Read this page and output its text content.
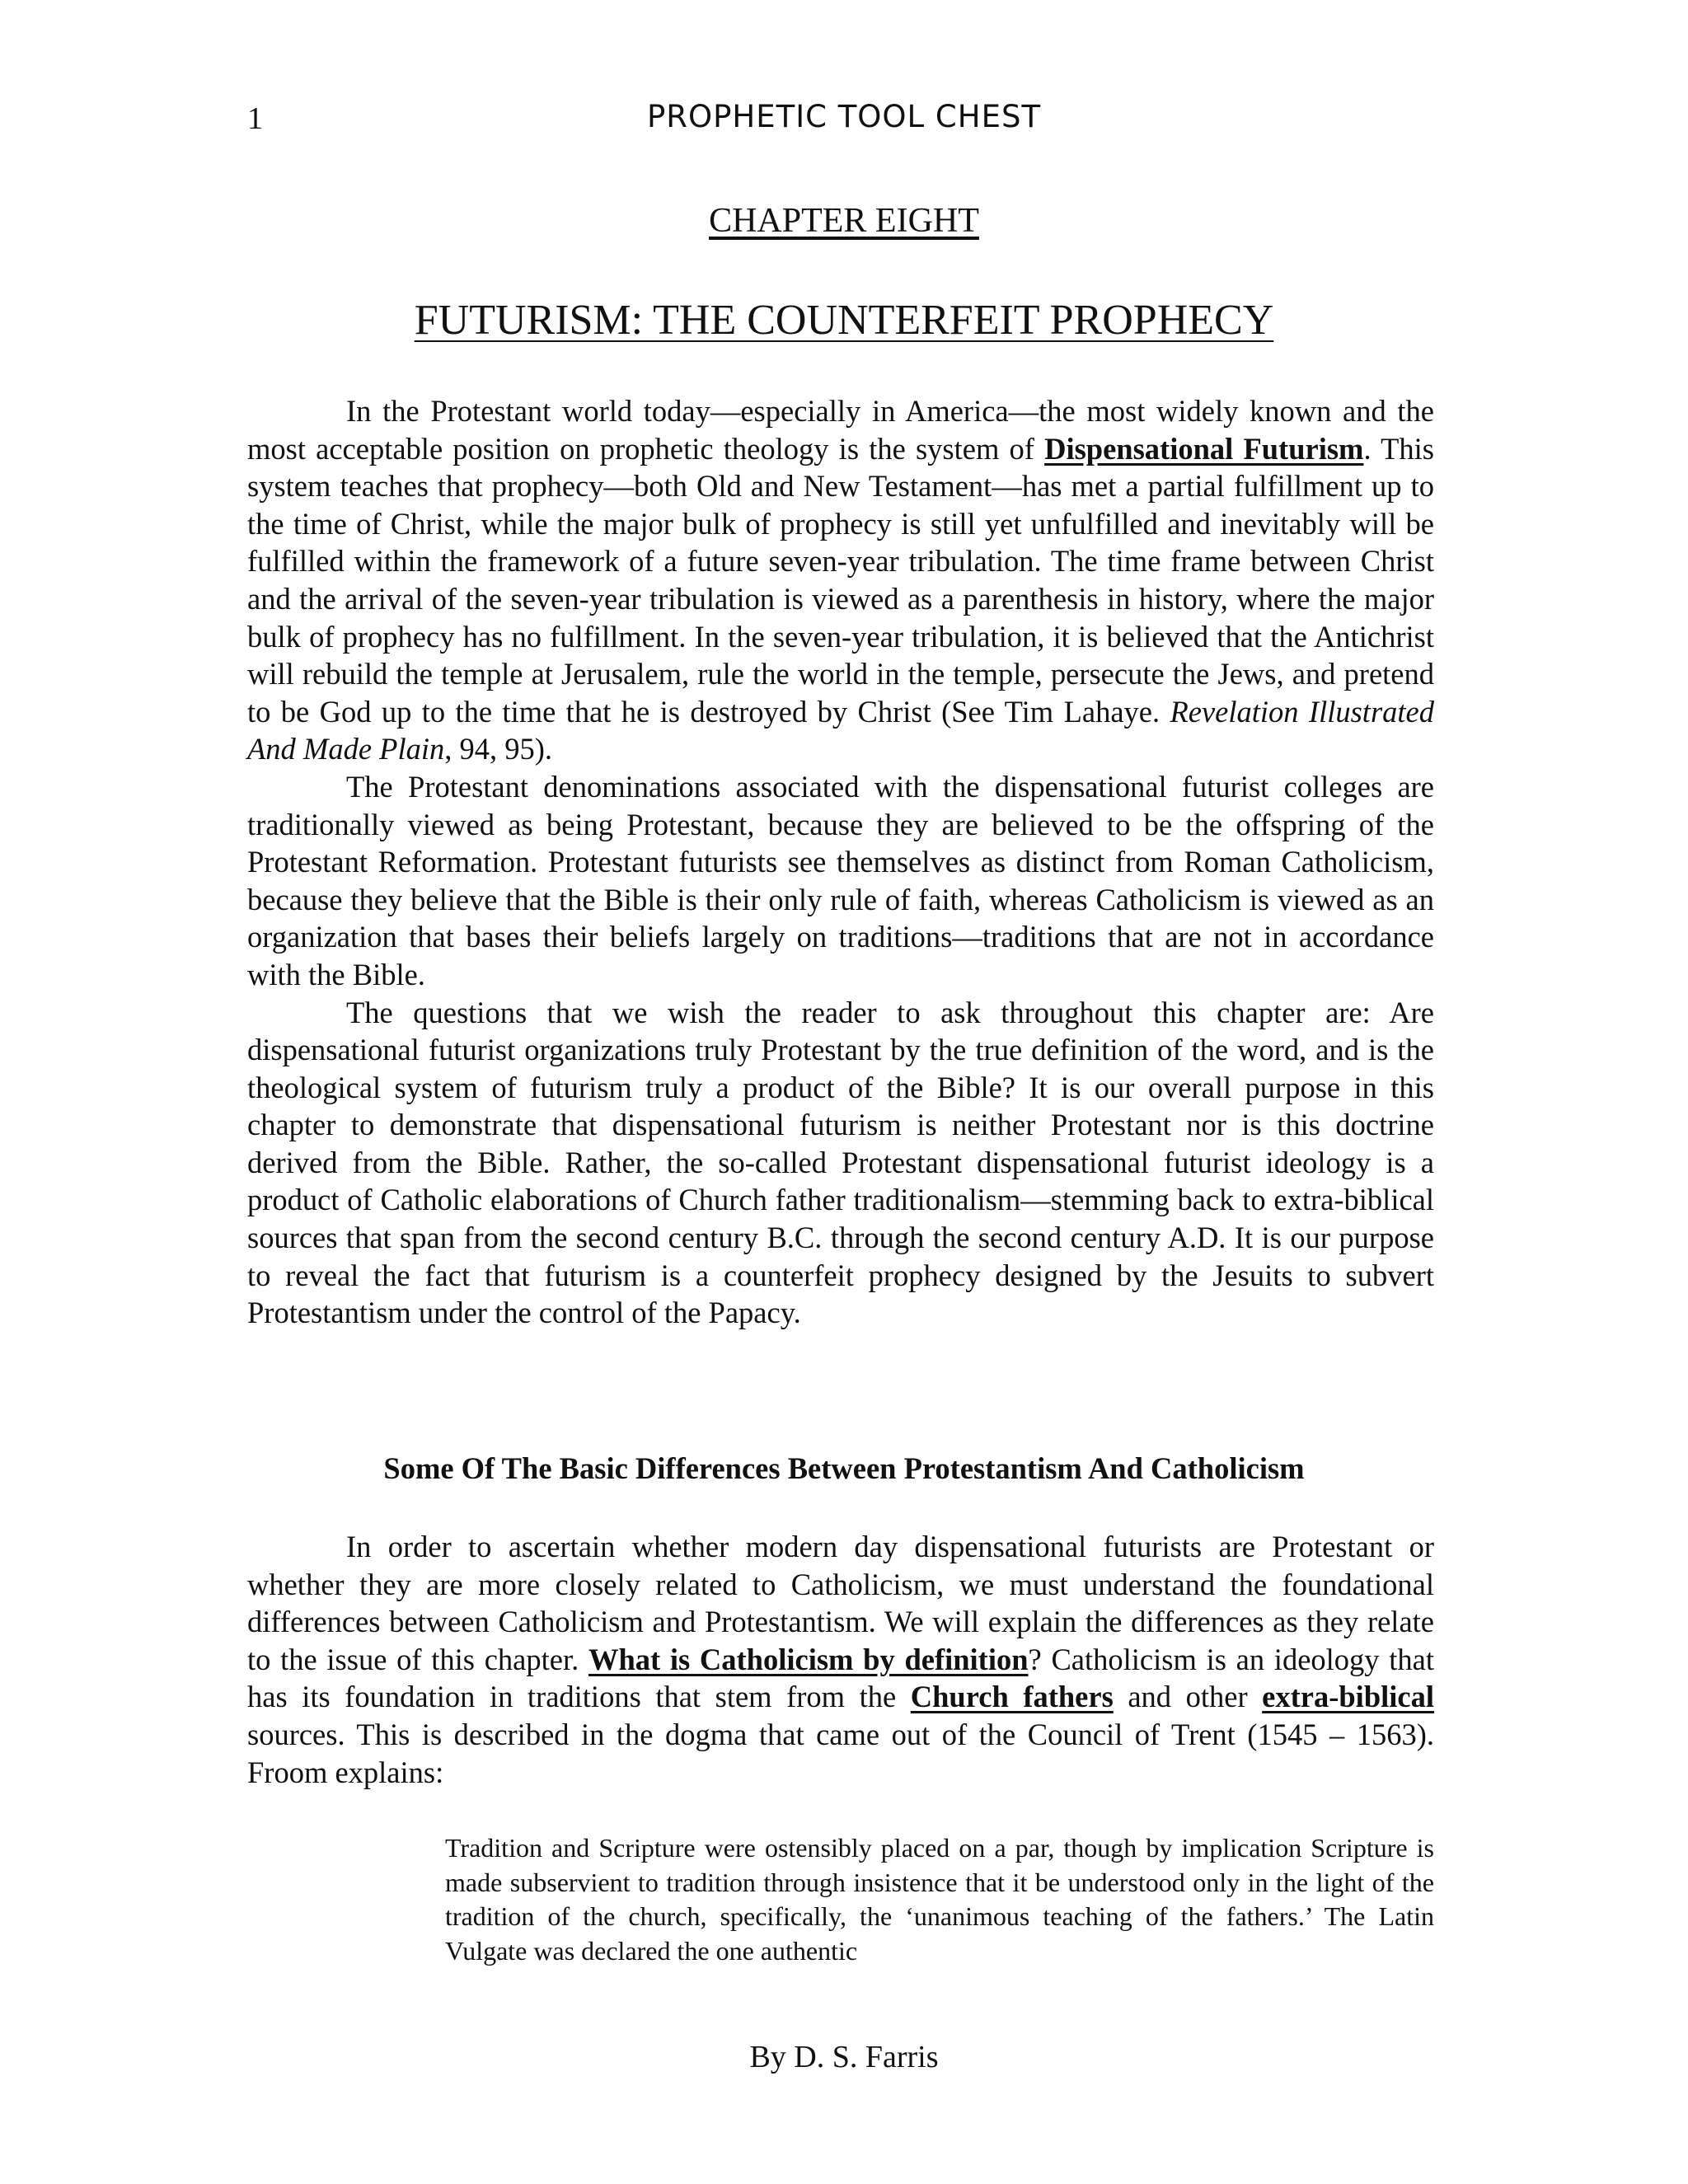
1	PROPHETIC TOOL CHEST
CHAPTER EIGHT
FUTURISM: THE COUNTERFEIT PROPHECY

In the Protestant world today—especially in America—the most widely known and the most acceptable position on prophetic theology is the system of Dispensational Futurism. This system teaches that prophecy—both Old and New Testament—has met a partial fulfillment up to the time of Christ, while the major bulk of prophecy is still yet unfulfilled and inevitably will be fulfilled within the framework of a future seven-year tribulation. The time frame between Christ and the arrival of the seven-year tribulation is viewed as a parenthesis in history, where the major bulk of prophecy has no fulfillment. In the seven-year tribulation, it is believed that the Antichrist will rebuild the temple at Jerusalem, rule the world in the temple, persecute the Jews, and pretend to be God up to the time that he is destroyed by Christ (See Tim Lahaye. Revelation Illustrated And Made Plain, 94, 95).

The Protestant denominations associated with the dispensational futurist colleges are traditionally viewed as being Protestant, because they are believed to be the offspring of the Protestant Reformation. Protestant futurists see themselves as distinct from Roman Catholicism, because they believe that the Bible is their only rule of faith, whereas Catholicism is viewed as an organization that bases their beliefs largely on traditions—traditions that are not in accordance with the Bible.

The questions that we wish the reader to ask throughout this chapter are: Are dispensational futurist organizations truly Protestant by the true definition of the word, and is the theological system of futurism truly a product of the Bible? It is our overall purpose in this chapter to demonstrate that dispensational futurism is neither Protestant nor is this doctrine derived from the Bible. Rather, the so-called Protestant dispensational futurist ideology is a product of Catholic elaborations of Church father traditionalism—stemming back to extra-biblical sources that span from the second century B.C. through the second century A.D. It is our purpose to reveal the fact that futurism is a counterfeit prophecy designed by the Jesuits to subvert Protestantism under the control of the Papacy.

Some Of The Basic Differences Between Protestantism And Catholicism

In order to ascertain whether modern day dispensational futurists are Protestant or whether they are more closely related to Catholicism, we must understand the foundational differences between Catholicism and Protestantism. We will explain the differences as they relate to the issue of this chapter. What is Catholicism by definition? Catholicism is an ideology that has its foundation in traditions that stem from the Church fathers and other extra-biblical sources. This is described in the dogma that came out of the Council of Trent (1545 – 1563). Froom explains:

Tradition and Scripture were ostensibly placed on a par, though by implication Scripture is made subservient to tradition through insistence that it be understood only in the light of the tradition of the church, specifically, the ‘unanimous teaching of the fathers.’ The Latin Vulgate was declared the one authentic

By D. S. Farris
